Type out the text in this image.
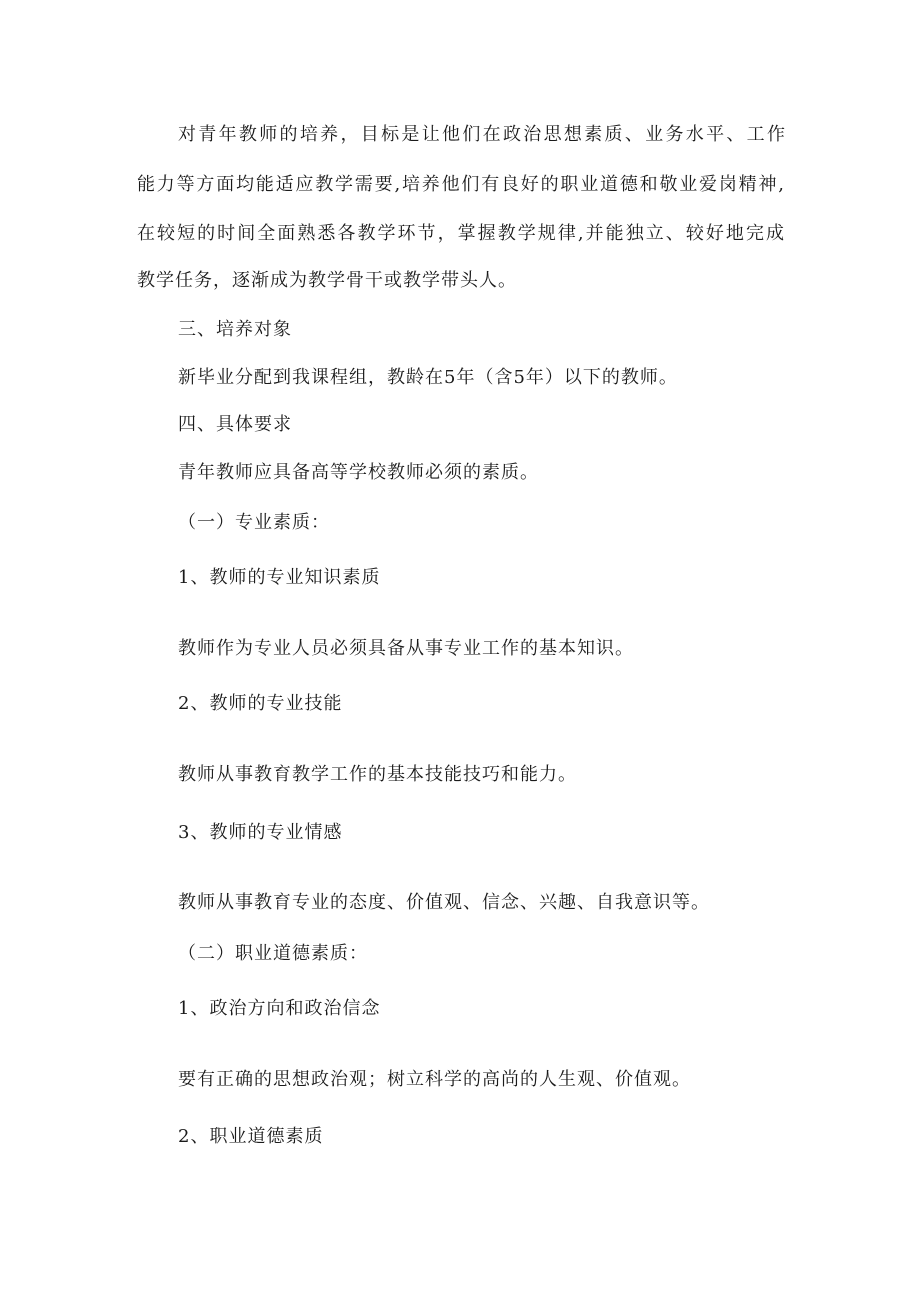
对青年教师的培养，目标是让他们在政治思想素质、业务水平、工作
能力等方面均能适应教学需要,培养他们有良好的职业道德和敬业爱岗精神,
在较短的时间全面熟悉各教学环节，掌握教学规律,并能独立、较好地完成
教学任务，逐渐成为教学骨干或教学带头人。
三、培养对象
新毕业分配到我课程组，教龄在5年（含5年）以下的教师。
四、具体要求
青年教师应具备高等学校教师必须的素质。
（一）专业素质：
1、教师的专业知识素质
教师作为专业人员必须具备从事专业工作的基本知识。
2、教师的专业技能
教师从事教育教学工作的基本技能技巧和能力。
3、教师的专业情感
教师从事教育专业的态度、价值观、信念、兴趣、自我意识等。
（二）职业道德素质：
1、政治方向和政治信念
要有正确的思想政治观；树立科学的高尚的人生观、价值观。
2、职业道德素质
